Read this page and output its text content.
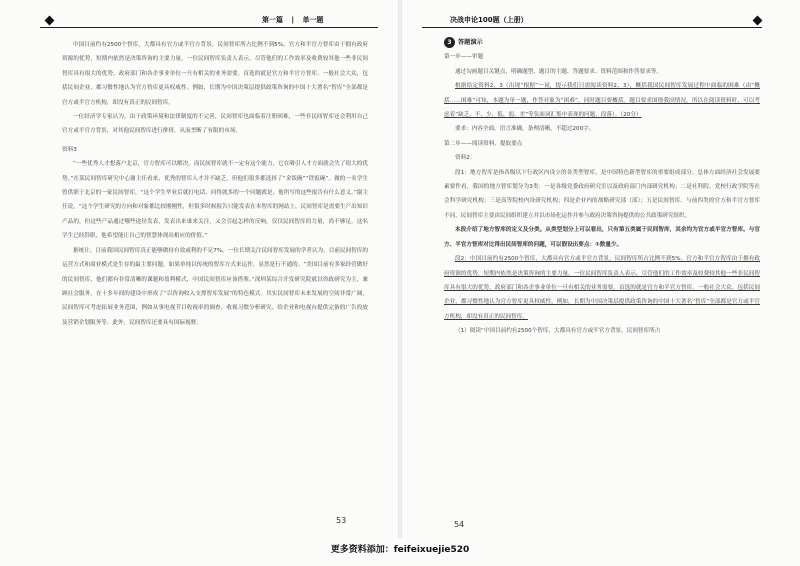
第一篇 | 单一题

中国目前约有2500个智库，大都具有官方或半官方背景，民间智库所占比例不到5%。官方和半官方智库由于拥有政府资源的优势，短期内依然是决策咨询的主要力量。一位民间智库负责人表示，尽管他们的工作效率及收费较其他一些非民间智库具有很大的优势，政府部门和各企事业单位一旦有相关的业务需要，首选的就是官方和半官方智库。一般社会大众，包括民间企业，都习惯性地认为官方智库更具权威性。例如，长期为中国决策层提供政策咨询的中国十大著名“智库”全部都是官方或半官方机构，却没有真正的民间智库。

一位经济学专家认为，由于政策环境和法律制度的不完善，民间智库也面临着注册困难，一些非民间智库还会利用自己官方或半官方背景，对其他民间智库进行排挤，从而垄断了有限的市场。

资料3

“一些优秀人才想落户北京，官方智库可以解决，而民间智库就不一定有这个能力，它在吸引人才方面就会失了很大的优势。”在某民间智库研究中心谢主任看来，优秀的智库人才并不缺乏，但他们很多都选择了“金饭碗”“铁饭碗”。做的一名学生曾供职于北京的一家民间智库，“这个学生毕业后就打电话，问得就多的一个问题就是，他所写的这些报告有什么意义。”谢主任说，“这个学生研究的方向和对象都比较刚刚性，但很多时候报告只能发表在本智库的网站上，民间智库是需要生产出知识产品的，但这些产品通过哪些途径发表，发表出来谁来关注，又会引起怎样的反响，仅仅民间智库的力量，尚不够足。这名学生已经辞职，他希望能让自己的智慧体现出相应的价值。”

据统计，目前我国民间智库真正能够做持有效或利的不足7%。一位长期关注民间智库发展的学者认为，目前民间智库的运营方式和商业模式是生存的最主要问题。如果单纯以传统的智库方式来运作，显然是行不通的。“美国目前有多家经营做好的民间智库，他们都有非常清晰的课题和盈利模式，中国民间智库应该借鉴。”深圳某综合开发研究院就以咨政研究为主，兼顾社会服务，在十多年间的建设中形成了“以咨询收入支撑智库发展”的特色模式。其实民间智库未来发展的空间非常广阔，民间智库可考虑拓展业务范围，例如从事电视节目收视率的调查、收视习惯分析研究、给企业和电视台提供完备的广告投放及营销企划服务等。此外，民间智库还要具有国际视野。

53
决战申论100题（上册）
3 答题演示

第一步——审题

通过勾画题目关键点，明确题型、题目的主题、答题要求、资料范围和作答要求等。

根据给定资料2、3（出现“根据”一词，提示我们只需阅读资料2、3），概括我国民间智库发展过程中面临的困难（由“概括……困难”可知，本题为单一题，作答对象为“困难”，同时题目要概括。题目要求围绕我国情况，所以在阅读资料时，可以考虑着“缺乏、不、少、低、弱、差”等负面词汇集中表现的问题、段落）。（20分）

要求：内容全面，语言准确，条理清晰，不超过200字。

第二步——阅读资料，提取要点

资料2：

段1：地方智库是指各级以下行政区内设立的各类型智库，是中国特色新型智库的重要组成部分。总体方面经济社会发展要素要件看，我国的地方智库划分为3类：一是各级党委政府研究室以及政府部门内部研究机构；二是社科院、党校行政学院等社会科学研究机构；三是高等院校内设研究机构；四是企业内的战略研究部（部）；五是民间智库。与前四类的官方和半官方智库不同，民间智库主要由民间组织建立并以市场化运作并参与政府决策咨询提供的公共政策研究组织。

本段介绍了地方智库的定义及分类。从类型划分上可以看出，只有第五类属于民间智库，其余均为官方或半官方智库。与官方、半官方智库对比得出民间智库的问题，可以假设出要点：①数量少。

段2：中国目前约有2500个智库，大都具有官方或半官方背景，民间智库所占比例不到5%。官方和半官方智库由于拥有政府资源的优势，短期内依然是决策咨询的主要力量。一位民间智库负责人表示，尽管他们的工作效率及收费较其他一些非民间智库具有很大的优势，政府部门和各企事业单位一旦有相关的业务需要，首选的就是官方和半官方智库。一般社会大众，包括民间企业，都习惯性地认为官方智库更具权威性。例如，长期为中国决策层提供政策咨询的中国十大著名“智库”全部都是官方或半官方机构，却没有真正的民间智库。

（1）阅读“中国目前约有2500个智库，大都具有官方或半官方背景，民间智库所占

54
更多资料添加：feifeixuejie520
